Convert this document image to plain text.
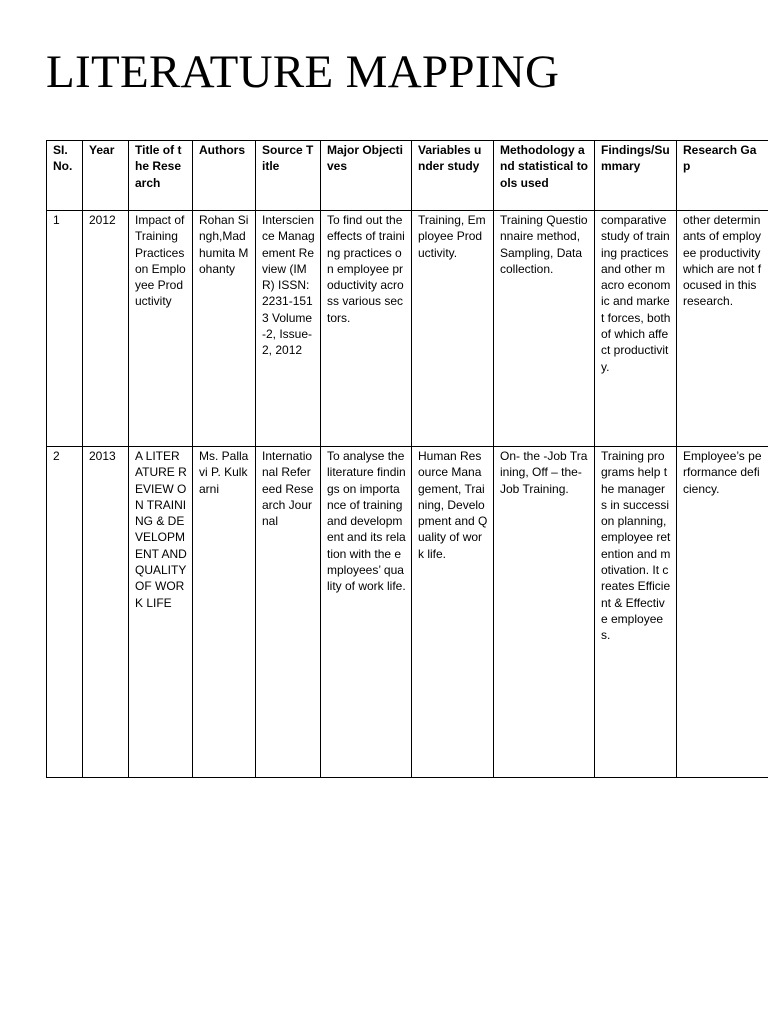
LITERATURE MAPPING
SI. No.	Year	Title of the Research	Authors	Source Title	Major Objectives	Variables under study	Methodology and statistical tools used	Findings/Summary	Research Gap
1	2012	Impact of Training Practices on Employee Productivity	Rohan Singh,Madhumita Mohanty	Interscience Management Review (IMR) ISSN: 2231-1513 Volume-2, Issue-2, 2012	To find out the effects of training practices on employee productivity across various sectors.	Training, Employee Productivity.	Training Questionnaire method, Sampling, Data collection.	comparative study of training practices and other macro economic and market forces, both of which affect productivity.	other determinants of employee productivity which are not focused in this research.
2	2013	A LITERATURE REVIEW ON TRAINING & DEVELOPMENT AND QUALITY OF WORK LIFE	Ms. Pallavi P. Kulkarni	International Refereed Research Journal	To analyse the literature findings on importance of training and development and its relation with the employees’ quality of work life.	Human Resource Management, Training, Development and Quality of work life.	On- the -Job Training, Off – the- Job Training.	Training programs help the managers in succession planning, employee retention and motivation. It creates Efficient & Effective employees.	Employee’s performance deficiency.
